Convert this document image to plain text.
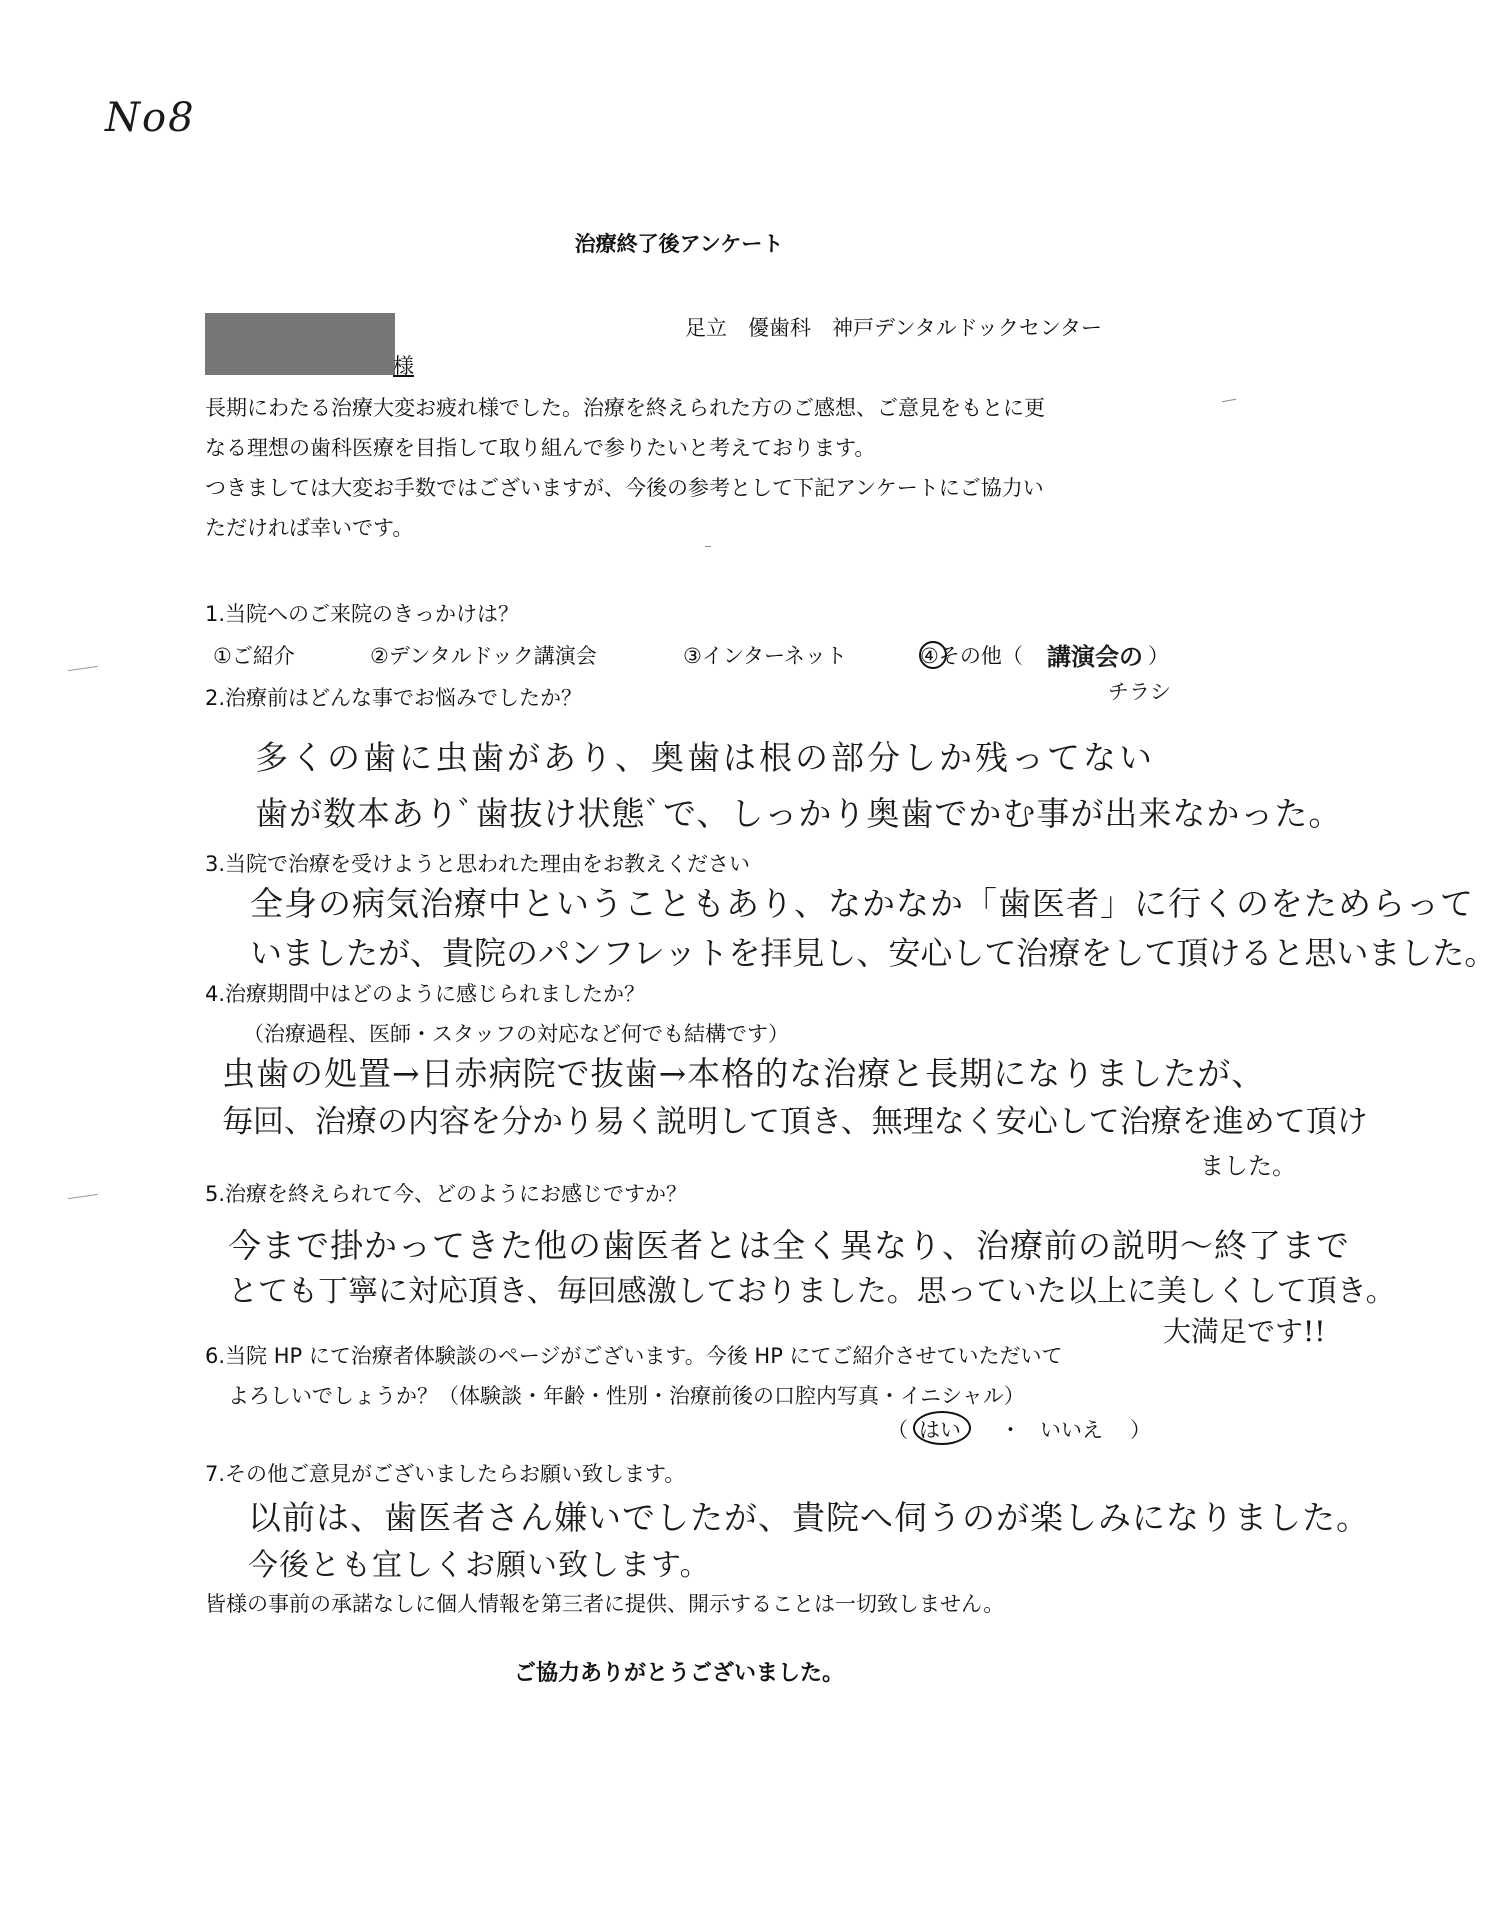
No8
治療終了後アンケート
足立　優歯科　神戸デンタルドックセンター
様
長期にわたる治療大変お疲れ様でした。治療を終えられた方のご感想、ご意見をもとに更
なる理想の歯科医療を目指して取り組んで参りたいと考えております。
つきましては大変お手数ではございますが、今後の参考として下記アンケートにご協力い
ただければ幸いです。
1.当院へのご来院のきっかけは？
①ご紹介	②デンタルドック講演会	③インターネット	④その他（ 講演会の ）
チラシ
2.治療前はどんな事でお悩みでしたか？
多くの歯に虫歯があり、奥歯は根の部分しか残ってない
歯が数本ありﾞ歯抜け状態ﾞで、しっかり奥歯でかむ事が出来なかった。
3.当院で治療を受けようと思われた理由をお教えください
全身の病気治療中ということもあり、なかなか「歯医者」に行くのをためらって
いましたが、貴院のパンフレットを拝見し、安心して治療をして頂けると思いました。
4.治療期間中はどのように感じられましたか？
（治療過程、医師・スタッフの対応など何でも結構です）
虫歯の処置→日赤病院で抜歯→本格的な治療と長期になりましたが、
毎回、治療の内容を分かり易く説明して頂き、無理なく安心して治療を進めて頂け
ました。
5.治療を終えられて今、どのようにお感じですか？
今まで掛かってきた他の歯医者とは全く異なり、治療前の説明〜終了まで
とても丁寧に対応頂き、毎回感激しておりました。思っていた以上に美しくして頂き。
大満足です!!
6.当院 HP にて治療者体験談のページがございます。今後 HP にてご紹介させていただいて
よろしいでしょうか？（体験談・年齢・性別・治療前後の口腔内写真・イニシャル）
（ はい ・ いいえ ）
7.その他ご意見がございましたらお願い致します。
以前は、歯医者さん嫌いでしたが、貴院へ伺うのが楽しみになりました。
今後とも宜しくお願い致します。
皆様の事前の承諾なしに個人情報を第三者に提供、開示することは一切致しません。
ご協力ありがとうございました。
